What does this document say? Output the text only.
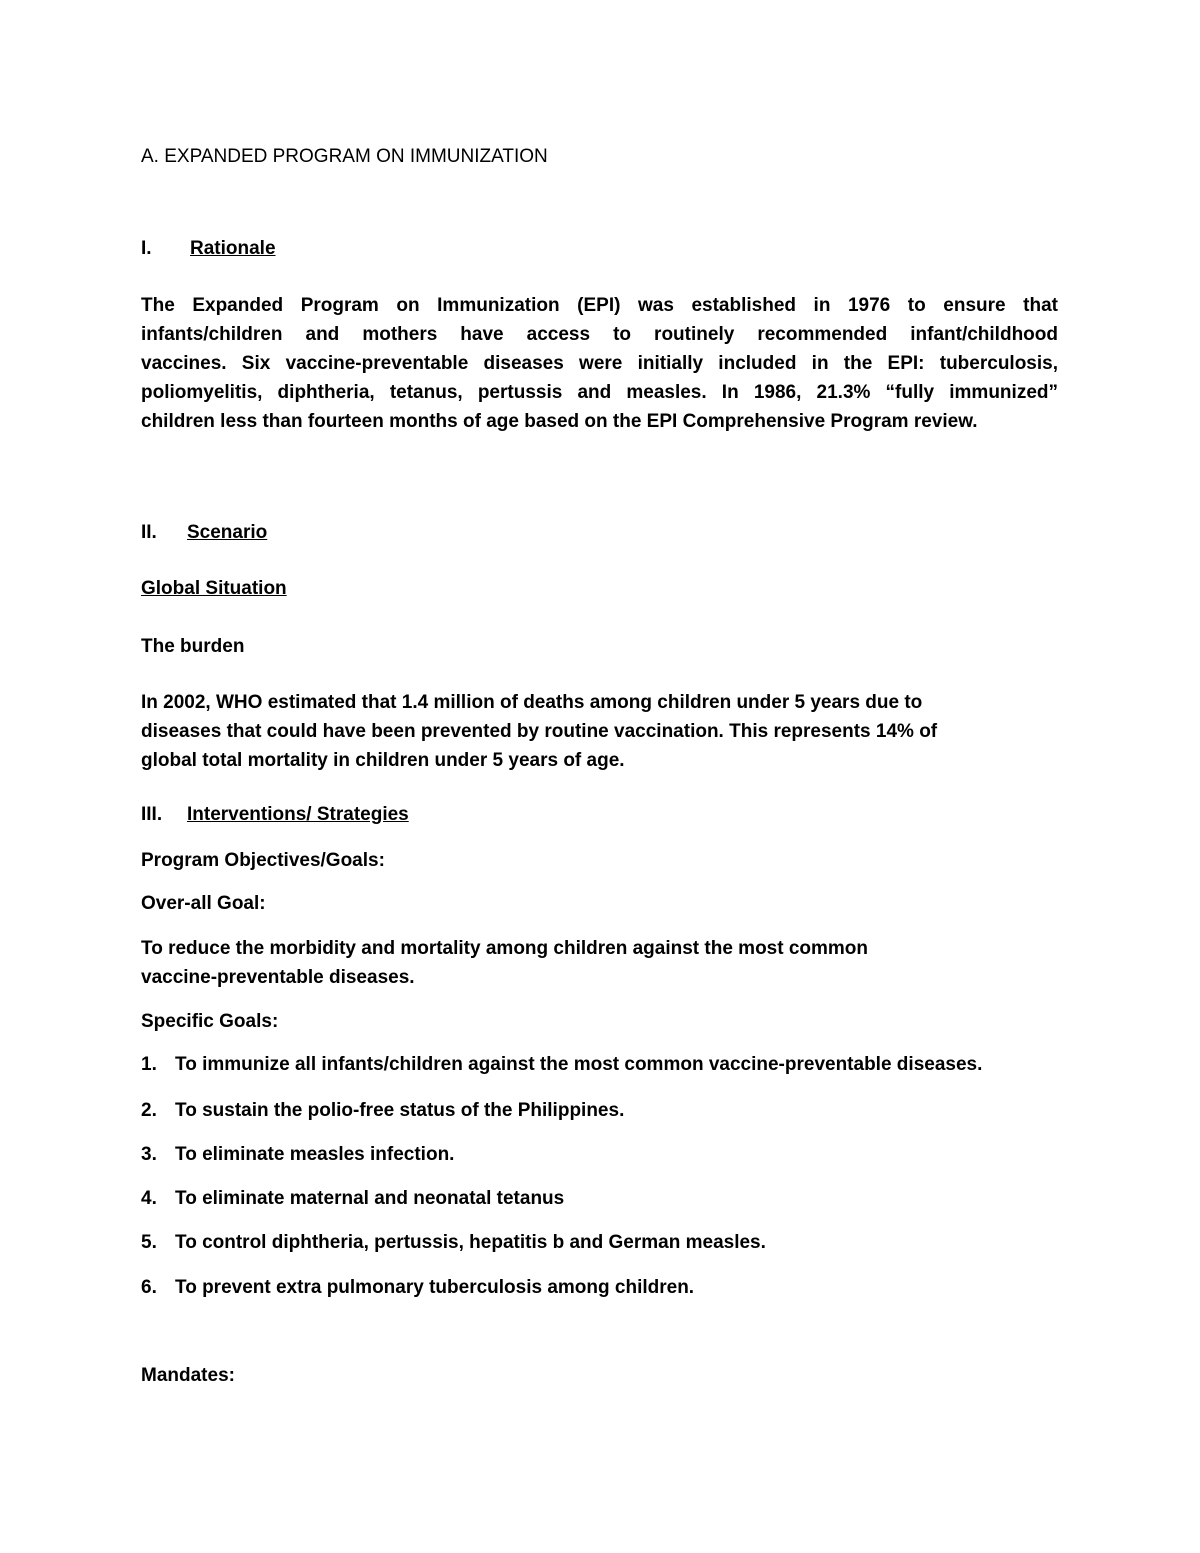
A. EXPANDED PROGRAM ON IMMUNIZATION
I. Rationale
The Expanded Program on Immunization (EPI) was established in 1976 to ensure that
infants/children and mothers have access to routinely recommended infant/childhood
vaccines. Six vaccine-preventable diseases were initially included in the EPI: tuberculosis,
poliomyelitis, diphtheria, tetanus, pertussis and measles. In 1986, 21.3% “fully immunized”
children less than fourteen months of age based on the EPI Comprehensive Program review.
II. Scenario
Global Situation
The burden
In 2002, WHO estimated that 1.4 million of deaths among children under 5 years due to
diseases that could have been prevented by routine vaccination. This represents 14% of
global total mortality in children under 5 years of age.
III. Interventions/ Strategies
Program Objectives/Goals:
Over-all Goal:
To reduce the morbidity and mortality among children against the most common
vaccine-preventable diseases.
Specific Goals:
1. To immunize all infants/children against the most common vaccine-preventable diseases.
2. To sustain the polio-free status of the Philippines.
3. To eliminate measles infection.
4. To eliminate maternal and neonatal tetanus
5. To control diphtheria, pertussis, hepatitis b and German measles.
6. To prevent extra pulmonary tuberculosis among children.
Mandates:
